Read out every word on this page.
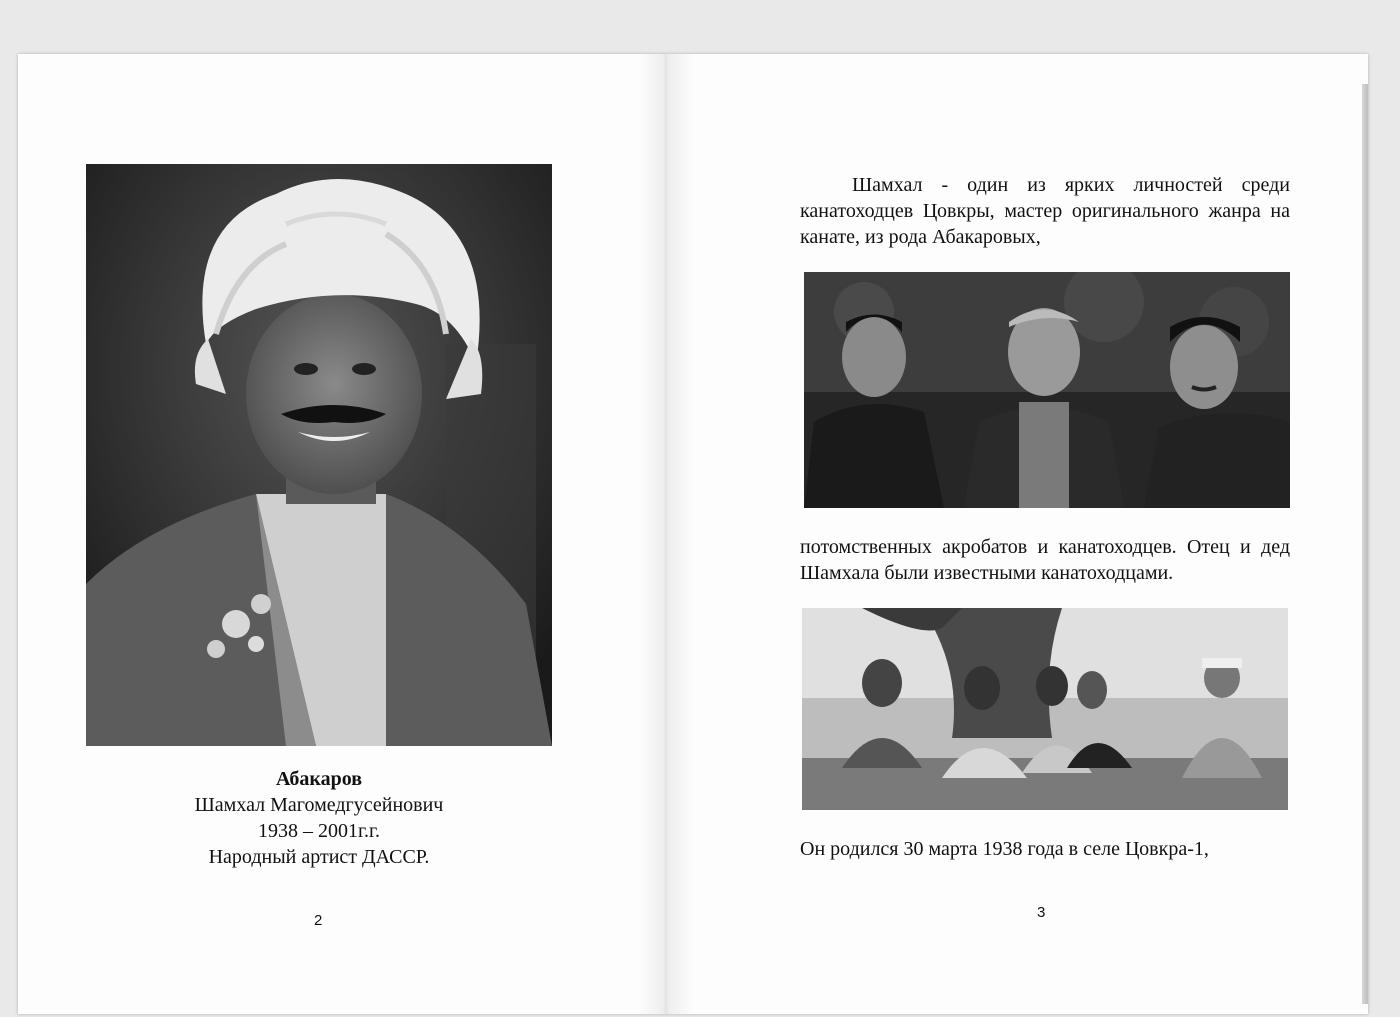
Абакаров
Шамхал Магомедгусейнович
1938 – 2001г.г.
Народный артист ДАССР.
2

Шамхал - один из ярких личностей среди канатоходцев Цовкры, мастер оригинального жанра на канате, из рода Абакаровых,

потомственных акробатов и канатоходцев. Отец и дед Шамхала были известными канатоходцами.

Он родился 30 марта 1938 года в селе Цовкра-1,

3
